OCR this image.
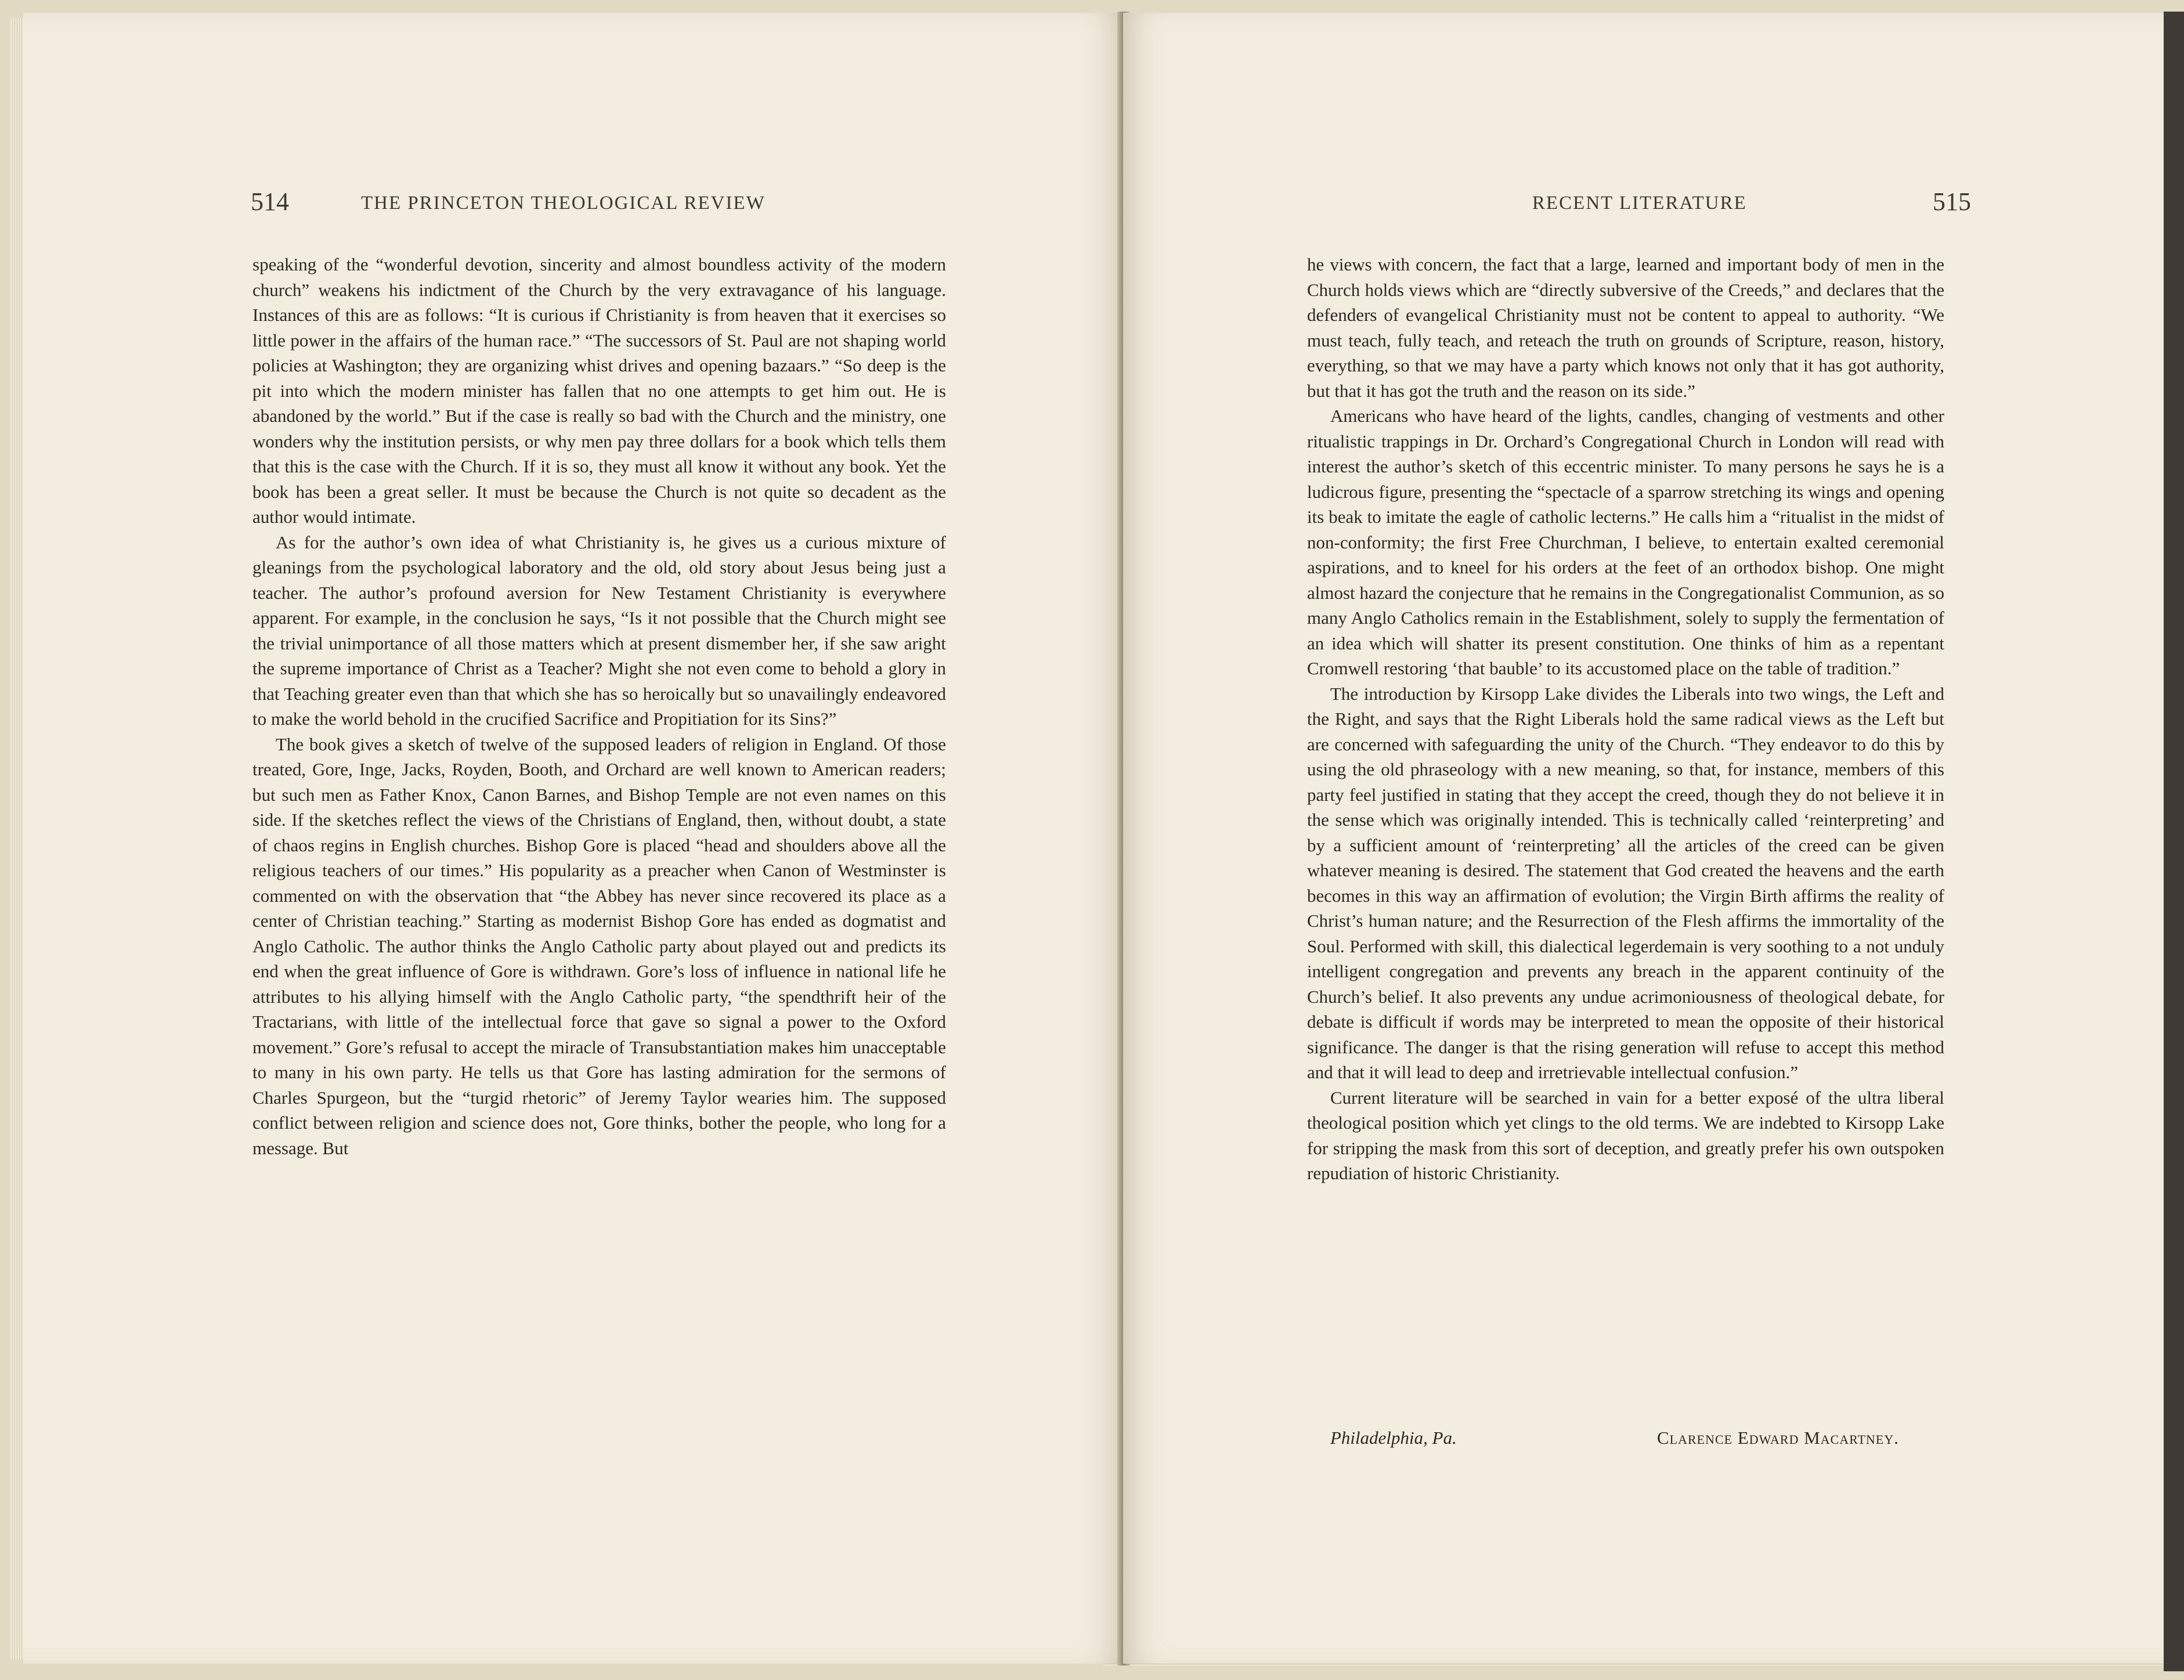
514	THE PRINCETON THEOLOGICAL REVIEW

speaking of the “wonderful devotion, sincerity and almost boundless activity of the modern church” weakens his indictment of the Church by the very extravagance of his language. Instances of this are as follows: “It is curious if Christianity is from heaven that it exercises so little power in the affairs of the human race.” “The successors of St. Paul are not shaping world policies at Washington; they are organizing whist drives and opening bazaars.” “So deep is the pit into which the modern minister has fallen that no one attempts to get him out. He is abandoned by the world.” But if the case is really so bad with the Church and the ministry, one wonders why the institution persists, or why men pay three dollars for a book which tells them that this is the case with the Church. If it is so, they must all know it without any book. Yet the book has been a great seller. It must be because the Church is not quite so decadent as the author would intimate.

As for the author’s own idea of what Christianity is, he gives us a curious mixture of gleanings from the psychological laboratory and the old, old story about Jesus being just a teacher. The author’s profound aversion for New Testament Christianity is everywhere apparent. For example, in the conclusion he says, “Is it not possible that the Church might see the trivial unimportance of all those matters which at present dismember her, if she saw aright the supreme importance of Christ as a Teacher? Might she not even come to behold a glory in that Teaching greater even than that which she has so heroically but so unavailingly endeavored to make the world behold in the crucified Sacrifice and Propitiation for its Sins?”

The book gives a sketch of twelve of the supposed leaders of religion in England. Of those treated, Gore, Inge, Jacks, Royden, Booth, and Orchard are well known to American readers; but such men as Father Knox, Canon Barnes, and Bishop Temple are not even names on this side. If the sketches reflect the views of the Christians of England, then, without doubt, a state of chaos regins in English churches. Bishop Gore is placed “head and shoulders above all the religious teachers of our times.” His popularity as a preacher when Canon of Westminster is commented on with the observation that “the Abbey has never since recovered its place as a center of Christian teaching.” Starting as modernist Bishop Gore has ended as dogmatist and Anglo Catholic. The author thinks the Anglo Catholic party about played out and predicts its end when the great influence of Gore is withdrawn. Gore’s loss of influence in national life he attributes to his allying himself with the Anglo Catholic party, “the spendthrift heir of the Tractarians, with little of the intellectual force that gave so signal a power to the Oxford movement.” Gore’s refusal to accept the miracle of Transubstantiation makes him unacceptable to many in his own party. He tells us that Gore has lasting admiration for the sermons of Charles Spurgeon, but the “turgid rhetoric” of Jeremy Taylor wearies him. The supposed conflict between religion and science does not, Gore thinks, bother the people, who long for a message. But

RECENT LITERATURE	515

he views with concern, the fact that a large, learned and important body of men in the Church holds views which are “directly subversive of the Creeds,” and declares that the defenders of evangelical Christianity must not be content to appeal to authority. “We must teach, fully teach, and reteach the truth on grounds of Scripture, reason, history, everything, so that we may have a party which knows not only that it has got authority, but that it has got the truth and the reason on its side.”

Americans who have heard of the lights, candles, changing of vestments and other ritualistic trappings in Dr. Orchard’s Congregational Church in London will read with interest the author’s sketch of this eccentric minister. To many persons he says he is a ludicrous figure, presenting the “spectacle of a sparrow stretching its wings and opening its beak to imitate the eagle of catholic lecterns.” He calls him a “ritualist in the midst of non-conformity; the first Free Churchman, I believe, to entertain exalted ceremonial aspirations, and to kneel for his orders at the feet of an orthodox bishop. One might almost hazard the conjecture that he remains in the Congregationalist Communion, as so many Anglo Catholics remain in the Establishment, solely to supply the fermentation of an idea which will shatter its present constitution. One thinks of him as a repentant Cromwell restoring ‘that bauble’ to its accustomed place on the table of tradition.”

The introduction by Kirsopp Lake divides the Liberals into two wings, the Left and the Right, and says that the Right Liberals hold the same radical views as the Left but are concerned with safeguarding the unity of the Church. “They endeavor to do this by using the old phraseology with a new meaning, so that, for instance, members of this party feel justified in stating that they accept the creed, though they do not believe it in the sense which was originally intended. This is technically called ‘reinterpreting’ and by a sufficient amount of ‘reinterpreting’ all the articles of the creed can be given whatever meaning is desired. The statement that God created the heavens and the earth becomes in this way an affirmation of evolution; the Virgin Birth affirms the reality of Christ’s human nature; and the Resurrection of the Flesh affirms the immortality of the Soul. Performed with skill, this dialectical legerdemain is very soothing to a not unduly intelligent congregation and prevents any breach in the apparent continuity of the Church’s belief. It also prevents any undue acrimoniousness of theological debate, for debate is difficult if words may be interpreted to mean the opposite of their historical significance. The danger is that the rising generation will refuse to accept this method and that it will lead to deep and irretrievable intellectual confusion.”

Current literature will be searched in vain for a better exposé of the ultra liberal theological position which yet clings to the old terms. We are indebted to Kirsopp Lake for stripping the mask from this sort of deception, and greatly prefer his own outspoken repudiation of historic Christianity.

Philadelphia, Pa.	Clarence Edward Macartney.
